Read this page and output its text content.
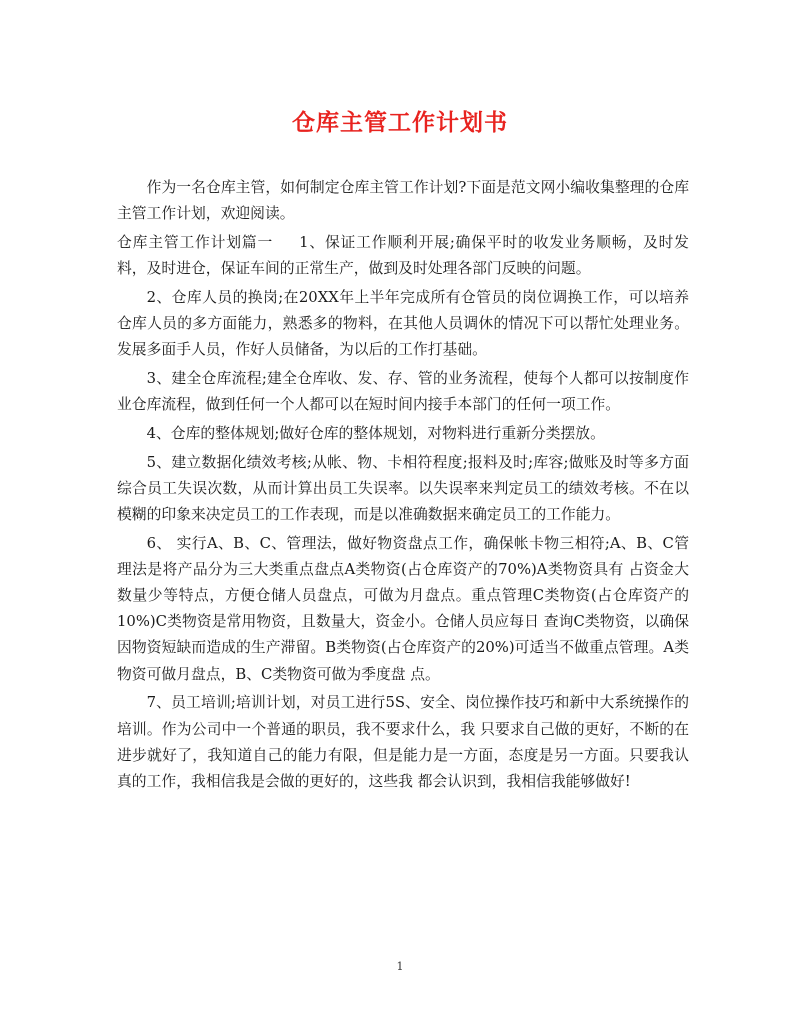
仓库主管工作计划书

作为一名仓库主管，如何制定仓库主管工作计划?下面是范文网小编收集整理的仓库主管工作计划，欢迎阅读。

仓库主管工作计划篇一 1、保证工作顺利开展;确保平时的收发业务顺畅，及时发料，及时进仓，保证车间的正常生产，做到及时处理各部门反映的问题。

2、仓库人员的换岗;在20XX年上半年完成所有仓管员的岗位调换工作，可以培养仓库人员的多方面能力，熟悉多的物料，在其他人员调休的情况下可以帮忙处理业务。发展多面手人员，作好人员储备，为以后的工作打基础。

3、建全仓库流程;建全仓库收、发、存、管的业务流程，使每个人都可以按制度作业仓库流程，做到任何一个人都可以在短时间内接手本部门的任何一项工作。

4、仓库的整体规划;做好仓库的整体规划，对物料进行重新分类摆放。

5、建立数据化绩效考核;从帐、物、卡相符程度;报料及时;库容;做账及时等多方面综合员工失误次数，从而计算出员工失误率。以失误率来判定员工的绩效考核。不在以模糊的印象来决定员工的工作表现，而是以准确数据来确定员工的工作能力。

6、 实行A、B、C、管理法，做好物资盘点工作，确保帐卡物三相符;A、B、C管理法是将产品分为三大类重点盘点A类物资(占仓库资产的70%)A类物资具有 占资金大数量少等特点，方便仓储人员盘点，可做为月盘点。重点管理C类物资(占仓库资产的10%)C类物资是常用物资，且数量大，资金小。仓储人员应每日 查询C类物资，以确保因物资短缺而造成的生产滞留。B类物资(占仓库资产的20%)可适当不做重点管理。A类物资可做月盘点，B、C类物资可做为季度盘 点。

7、员工培训;培训计划，对员工进行5S、安全、岗位操作技巧和新中大系统操作的培训。作为公司中一个普通的职员，我不要求什么，我 只要求自己做的更好，不断的在进步就好了，我知道自己的能力有限，但是能力是一方面，态度是另一方面。只要我认真的工作，我相信我是会做的更好的，这些我 都会认识到，我相信我能够做好!

1
